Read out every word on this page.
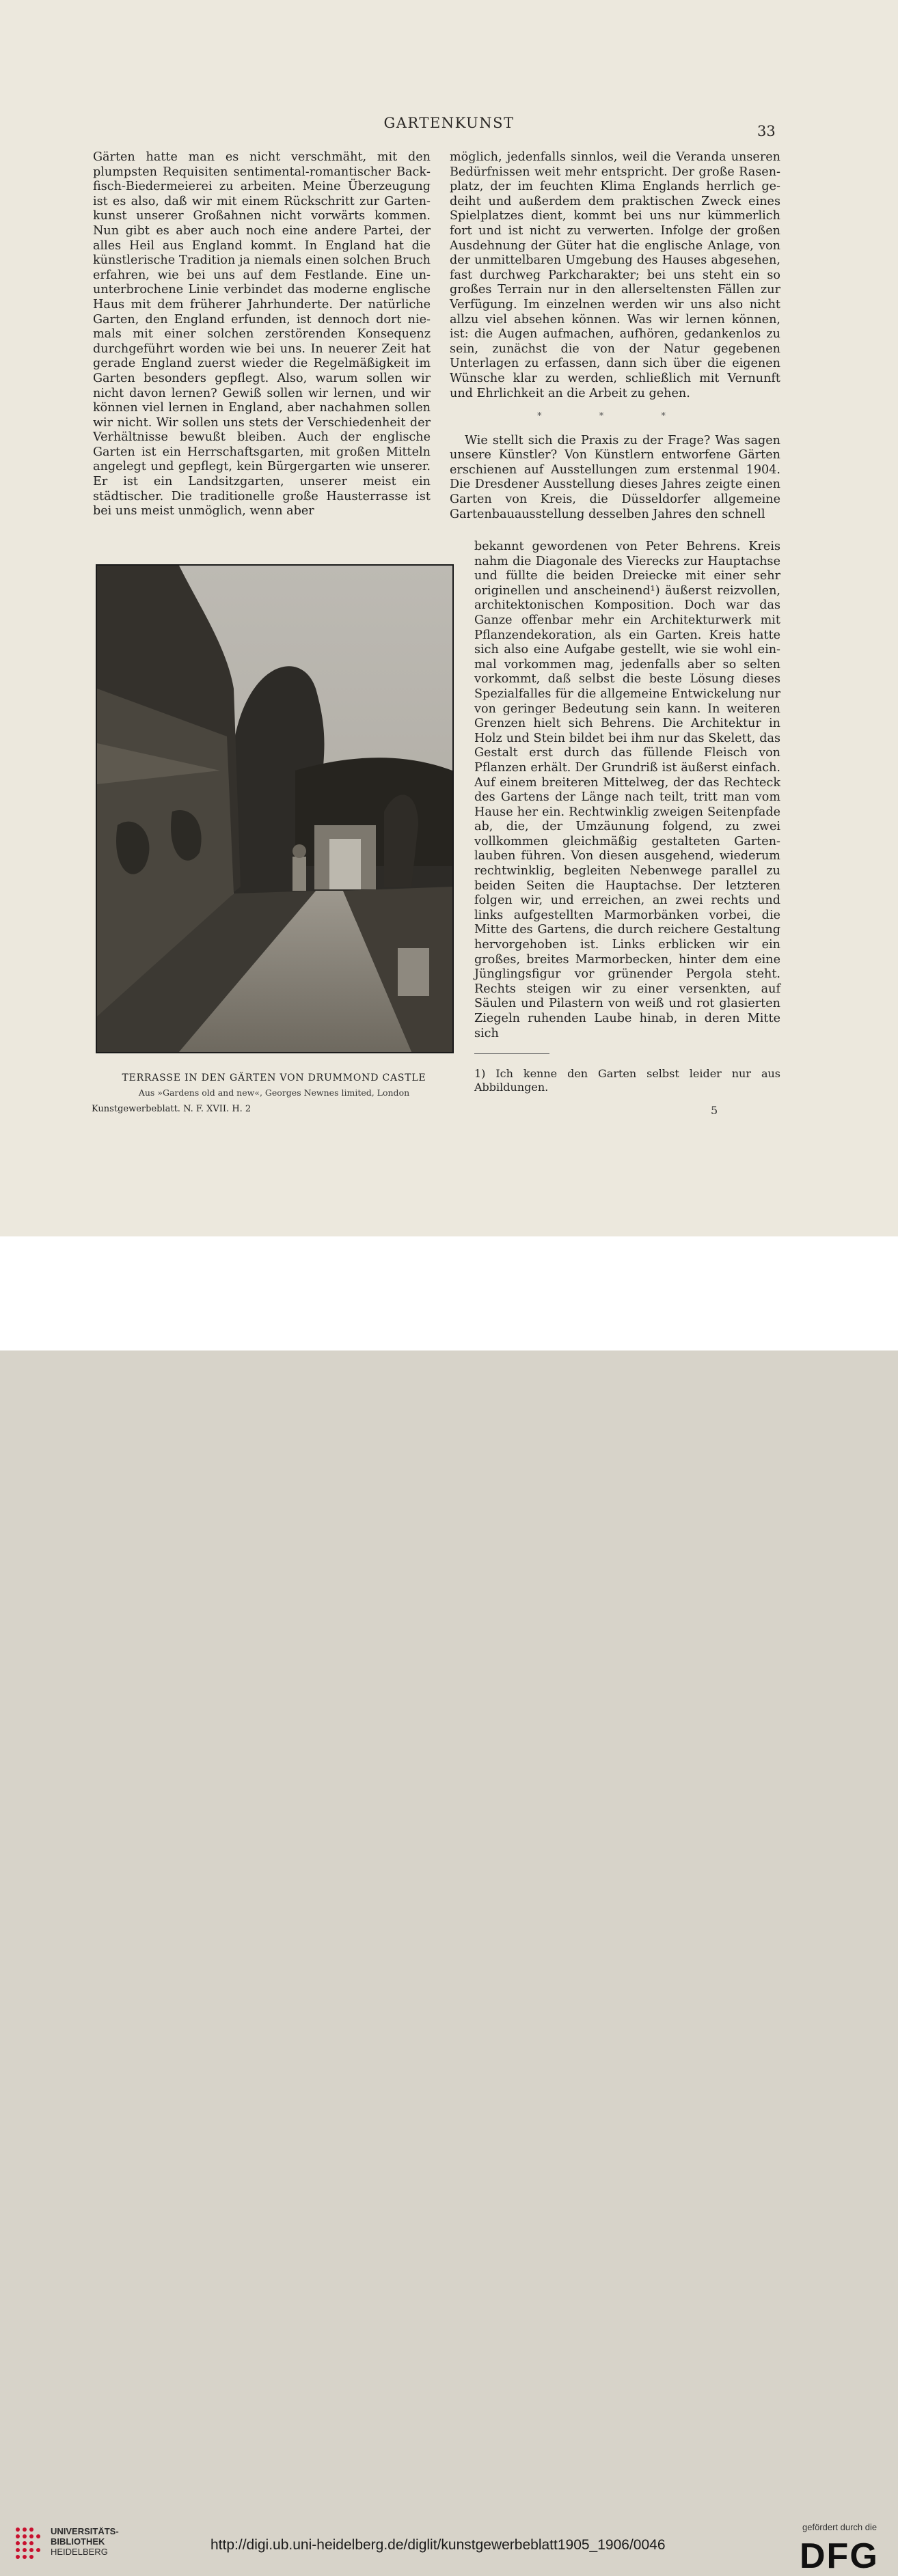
GARTENKUNST	33

Gärten hatte man es nicht verschmäht, mit den plumpsten Requisiten sentimental-romantischer Backfisch-Biedermeierei zu arbeiten. Meine Überzeugung ist es also, daß wir mit einem Rückschritt zur Gartenkunst unserer Großahnen nicht vorwärts kommen. Nun gibt es aber auch noch eine andere Partei, der alles Heil aus England kommt. In England hat die künstlerische Tradition ja niemals einen solchen Bruch erfahren, wie bei uns auf dem Festlande. Eine ununterbrochene Linie verbindet das moderne englische Haus mit dem früherer Jahrhunderte. Der natürliche Garten, den England erfunden, ist dennoch dort niemals mit einer solchen zerstörenden Konsequenz durchgeführt worden wie bei uns. In neuerer Zeit hat gerade England zuerst wieder die Regelmäßigkeit im Garten besonders gepflegt. Also, warum sollen wir nicht davon lernen? Gewiß sollen wir lernen, und wir können viel lernen in England, aber nachahmen sollen wir nicht. Wir sollen uns stets der Verschiedenheit der Verhältnisse bewußt bleiben. Auch der englische Garten ist ein Herrschaftsgarten, mit großen Mitteln angelegt und gepflegt, kein Bürgergarten wie unserer. Er ist ein Landsitzgarten, unserer meist ein städtischer. Die traditionelle große Hausterrasse ist bei uns meist unmöglich, wenn aber

möglich, jedenfalls sinnlos, weil die Veranda unseren Bedürfnissen weit mehr entspricht. Der große Rasenplatz, der im feuchten Klima Englands herrlich gedeiht und außerdem dem praktischen Zweck eines Spielplatzes dient, kommt bei uns nur kümmerlich fort und ist nicht zu verwerten. Infolge der großen Ausdehnung der Güter hat die englische Anlage, von der unmittelbaren Umgebung des Hauses abgesehen, fast durchweg Parkcharakter; bei uns steht ein so großes Terrain nur in den allerseltensten Fällen zur Verfügung. Im einzelnen werden wir uns also nicht allzu viel absehen können. Was wir lernen können, ist: die Augen aufmachen, aufhören, gedankenlos zu sein, zunächst die von der Natur gegebenen Unterlagen zu erfassen, dann sich über die eigenen Wünsche klar zu werden, schließlich mit Vernunft und Ehrlichkeit an die Arbeit zu gehen.

* * *

Wie stellt sich die Praxis zu der Frage? Was sagen unsere Künstler? Von Künstlern entworfene Gärten erschienen auf Ausstellungen zum erstenmal 1904. Die Dresdener Ausstellung dieses Jahres zeigte einen Garten von Kreis, die Düsseldorfer allgemeine Gartenbauausstellung desselben Jahres den schnell

bekannt gewordenen von Peter Behrens. Kreis nahm die Diagonale des Vierecks zur Hauptachse und füllte die beiden Dreiecke mit einer sehr originellen und anscheinend¹) äußerst reizvollen, architektonischen Komposition. Doch war das Ganze offenbar mehr ein Architekturwerk mit Pflanzendekoration, als ein Garten. Kreis hatte sich also eine Aufgabe gestellt, wie sie wohl einmal vorkommen mag, jedenfalls aber so selten vorkommt, daß selbst die beste Lösung dieses Spezialfalles für die allgemeine Entwickelung nur von geringer Bedeutung sein kann. In weiteren Grenzen hielt sich Behrens. Die Architektur in Holz und Stein bildet bei ihm nur das Skelett, das Gestalt erst durch das füllende Fleisch von Pflanzen erhält. Der Grundriß ist äußerst einfach. Auf einem breiteren Mittelweg, der das Rechteck des Gartens der Länge nach teilt, tritt man vom Hause her ein. Rechtwinklig zweigen Seitenpfade ab, die, der Umzäunung folgend, zu zwei vollkommen gleichmäßig gestalteten Gartenlauben führen. Von diesen ausgehend, wiederum rechtwinklig, begleiten Nebenwege parallel zu beiden Seiten die Hauptachse. Der letzteren folgen wir, und erreichen, an zwei rechts und links aufgestellten Marmorbänken vorbei, die Mitte des Gartens, die durch reichere Gestaltung hervorgehoben ist. Links erblicken wir ein großes, breites Marmorbecken, hinter dem eine Jünglingsfigur vor grünender Pergola steht. Rechts steigen wir zu einer versenkten, auf Säulen und Pilastern von weiß und rot glasierten Ziegeln ruhenden Laube hinab, in deren Mitte sich

TERRASSE IN DEN GÄRTEN VON DRUMMOND CASTLE
Aus »Gardens old and new«, Georges Newnes limited, London
Kunstgewerbeblatt. N. F. XVII. H. 2
1) Ich kenne den Garten selbst leider nur aus Abbildungen.
5
UNIVERSITÄTS-
BIBLIOTHEK
HEIDELBERG	http://digi.ub.uni-heidelberg.de/diglit/kunstgewerbeblatt1905_1906/0046
gefördert durch die
DFG
